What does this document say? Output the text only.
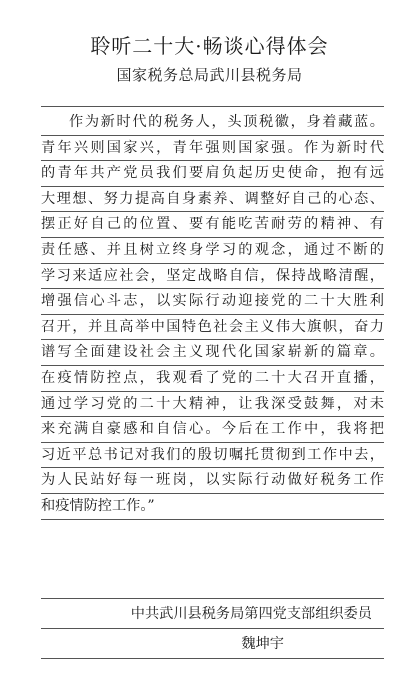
聆听二十大·畅谈心得体会
国家税务总局武川县税务局
作为新时代的税务人，头顶税徽，身着藏蓝。
青年兴则国家兴，青年强则国家强。作为新时代
的青年共产党员我们要肩负起历史使命，抱有远
大理想、努力提高自身素养、调整好自己的心态、
摆正好自己的位置、要有能吃苦耐劳的精神、有
责任感、并且树立终身学习的观念，通过不断的
学习来适应社会，坚定战略自信，保持战略清醒，
增强信心斗志，以实际行动迎接党的二十大胜利
召开，并且高举中国特色社会主义伟大旗帜，奋力
谱写全面建设社会主义现代化国家崭新的篇章。
在疫情防控点，我观看了党的二十大召开直播，
通过学习党的二十大精神，让我深受鼓舞，对未
来充满自豪感和自信心。今后在工作中，我将把
习近平总书记对我们的殷切嘱托贯彻到工作中去，
为人民站好每一班岗，以实际行动做好税务工作
和疫情防控工作。”
中共武川县税务局第四党支部组织委员
魏坤宇
